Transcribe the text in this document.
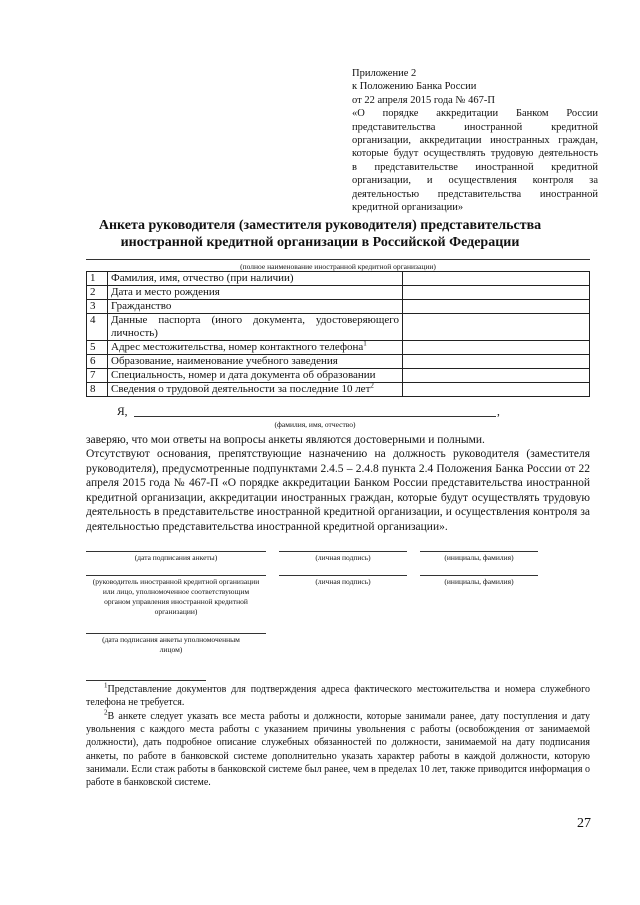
Приложение 2
к Положению Банка России
от 22 апреля 2015 года № 467-П
«О порядке аккредитации Банком России
представительства иностранной кредитной
организации, аккредитации иностранных граждан,
которые будут осуществлять трудовую деятельность
в представительстве иностранной кредитной
организации, и осуществления контроля за
деятельностью представительства иностранной
кредитной организации»
Анкета руководителя (заместителя руководителя) представительства
иностранной кредитной организации в Российской Федерации
(полное наименование иностранной кредитной организации)
1	Фамилия, имя, отчество (при наличии)	
2	Дата и место рождения	
3	Гражданство	
4	Данные паспорта (иного документа, удостоверяющего личность)	
5	Адрес местожительства, номер контактного телефона$^1$	
6	Образование, наименование учебного заведения	
7	Специальность, номер и дата документа об образовании	
8	Сведения о трудовой деятельности за последние 10 лет$^2$	
Я,	,
(фамилия, имя, отчество)
заверяю, что мои ответы на вопросы анкеты являются достоверными и полными.
Отсутствуют основания, препятствующие назначению на должность руководителя (заместителя руководителя), предусмотренные подпунктами 2.4.5 – 2.4.8 пункта 2.4 Положения Банка России от 22 апреля 2015 года № 467-П «О порядке аккредитации Банком России представительства иностранной кредитной организации, аккредитации иностранных граждан, которые будут осуществлять трудовую деятельность в представительстве иностранной кредитной организации, и осуществления контроля за деятельностью представительства иностранной кредитной организации».
(дата подписания анкеты)	(личная подпись)	(инициалы, фамилия)
(руководитель иностранной кредитной организации или лицо, уполномоченное соответствующим органом управления иностранной кредитной организации)
(личная подпись)	(инициалы, фамилия)
(дата подписания анкеты уполномоченным лицом)
$^1$Представление документов для подтверждения адреса фактического местожительства и номера служебного телефона не требуется.
$^2$В анкете следует указать все места работы и должности, которые занимали ранее, дату поступления и дату увольнения с каждого места работы с указанием причины увольнения с работы (освобождения от занимаемой должности), дать подробное описание служебных обязанностей по должности, занимаемой на дату подписания анкеты, по работе в банковской системе дополнительно указать характер работы в каждой должности, которую занимали. Если стаж работы в банковской системе был ранее, чем в пределах 10 лет, также приводится информация о работе в банковской системе.
27
